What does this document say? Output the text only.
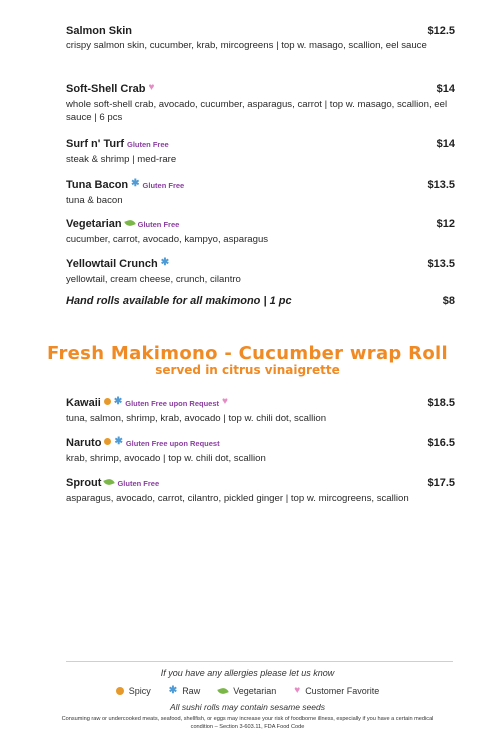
Salmon Skin	$12.5
crispy salmon skin, cucumber, krab, mircogreens | top w. masago, scallion, eel sauce
Soft-Shell Crab ♥	$14
whole soft-shell crab, avocado, cucumber, asparagus, carrot | top w. masago, scallion, eel sauce | 6 pcs
Surf n' Turf Gluten Free	$14
steak & shrimp | med-rare
Tuna Bacon ✱ Gluten Free	$13.5
tuna & bacon
Vegetarian Gluten Free	$12
cucumber, carrot, avocado, kampyo, asparagus
Yellowtail Crunch ✱	$13.5
yellowtail, cream cheese, crunch, cilantro
Hand rolls available for all makimono | 1 pc	$8
Fresh Makimono - Cucumber wrap Roll
served in citrus vinaigrette
Kawaii ✱ Gluten Free upon Request ♥	$18.5
tuna, salmon, shrimp, krab, avocado | top w. chili dot, scallion
Naruto ✱ Gluten Free upon Request	$16.5
krab, shrimp, avocado | top w. chili dot, scallion
Sprout Gluten Free	$17.5
asparagus, avocado, carrot, cilantro, pickled ginger | top w. mircogreens, scallion
If you have any allergies please let us know
Spicy ✱ Raw	Vegetarian ♥ Customer Favorite
All sushi rolls may contain sesame seeds
Consuming raw or undercooked meats, seafood, shellfish, or eggs may increase your risk of foodborne illness, especially if you have a certain medical condition – Section 3-603.11, FDA Food Code
